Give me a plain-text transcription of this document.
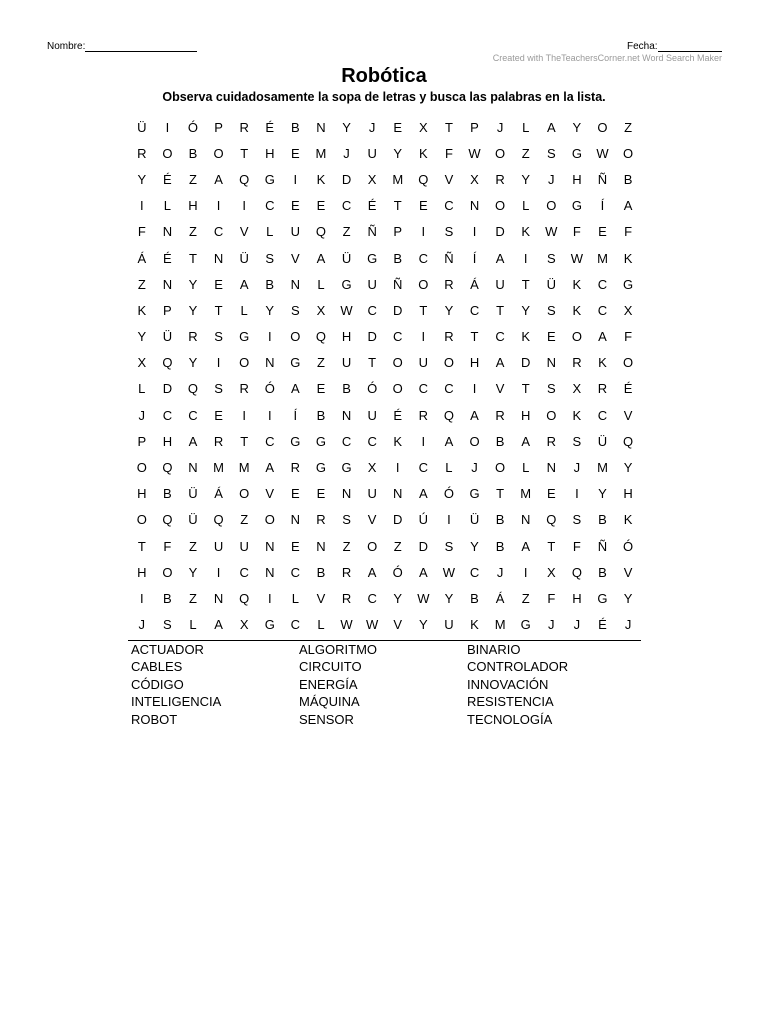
Nombre:	Fecha:
Created with TheTeachersCorner.net Word Search Maker
Robótica
Observa cuidadosamente la sopa de letras y busca las palabras en la lista.
Ü	I	Ó	P	R	É	B	N	Y	J	E	X	T	P	J	L	A	Y	O	Z
R	O	B	O	T	H	E	M	J	U	Y	K	F	W	O	Z	S	G	W	O
Y	É	Z	A	Q	G	I	K	D	X	M	Q	V	X	R	Y	J	H	Ñ	B
I	L	H	I	I	C	E	E	C	É	T	E	C	N	O	L	O	G	Í	A
F	N	Z	C	V	L	U	Q	Z	Ñ	P	I	S	I	D	K	W	F	E	F
Á	É	T	N	Ü	S	V	A	Ü	G	B	C	Ñ	Í	A	I	S	W	M	K
Z	N	Y	E	A	B	N	L	G	U	Ñ	O	R	Á	U	T	Ü	K	C	G
K	P	Y	T	L	Y	S	X	W	C	D	T	Y	C	T	Y	S	K	C	X
Y	Ü	R	S	G	I	O	Q	H	D	C	I	R	T	C	K	E	O	A	F
X	Q	Y	I	O	N	G	Z	U	T	O	U	O	H	A	D	N	R	K	O
L	D	Q	S	R	Ó	A	E	B	Ó	O	C	C	I	V	T	S	X	R	É
J	C	C	E	I	I	Í	B	N	U	É	R	Q	A	R	H	O	K	C	V
P	H	A	R	T	C	G	G	C	C	K	I	A	O	B	A	R	S	Ü	Q
O	Q	N	M	M	A	R	G	G	X	I	C	L	J	O	L	N	J	M	Y
H	B	Ü	Á	O	V	E	E	N	U	N	A	Ó	G	T	M	E	I	Y	H
O	Q	Ü	Q	Z	O	N	R	S	V	D	Ú	I	Ü	B	N	Q	S	B	K
T	F	Z	U	U	N	E	N	Z	O	Z	D	S	Y	B	A	T	F	Ñ	Ó
H	O	Y	I	C	N	C	B	R	A	Ó	A	W	C	J	I	X	Q	B	V
I	B	Z	N	Q	I	L	V	R	C	Y	W	Y	B	Á	Z	F	H	G	Y
J	S	L	A	X	G	C	L	W	W	V	Y	U	K	M	G	J	J	É	J
ACTUADOR	ALGORITMO	BINARIO
CABLES	CIRCUITO	CONTROLADOR
CÓDIGO	ENERGÍA	INNOVACIÓN
INTELIGENCIA	MÁQUINA	RESISTENCIA
ROBOT	SENSOR	TECNOLOGÍA
